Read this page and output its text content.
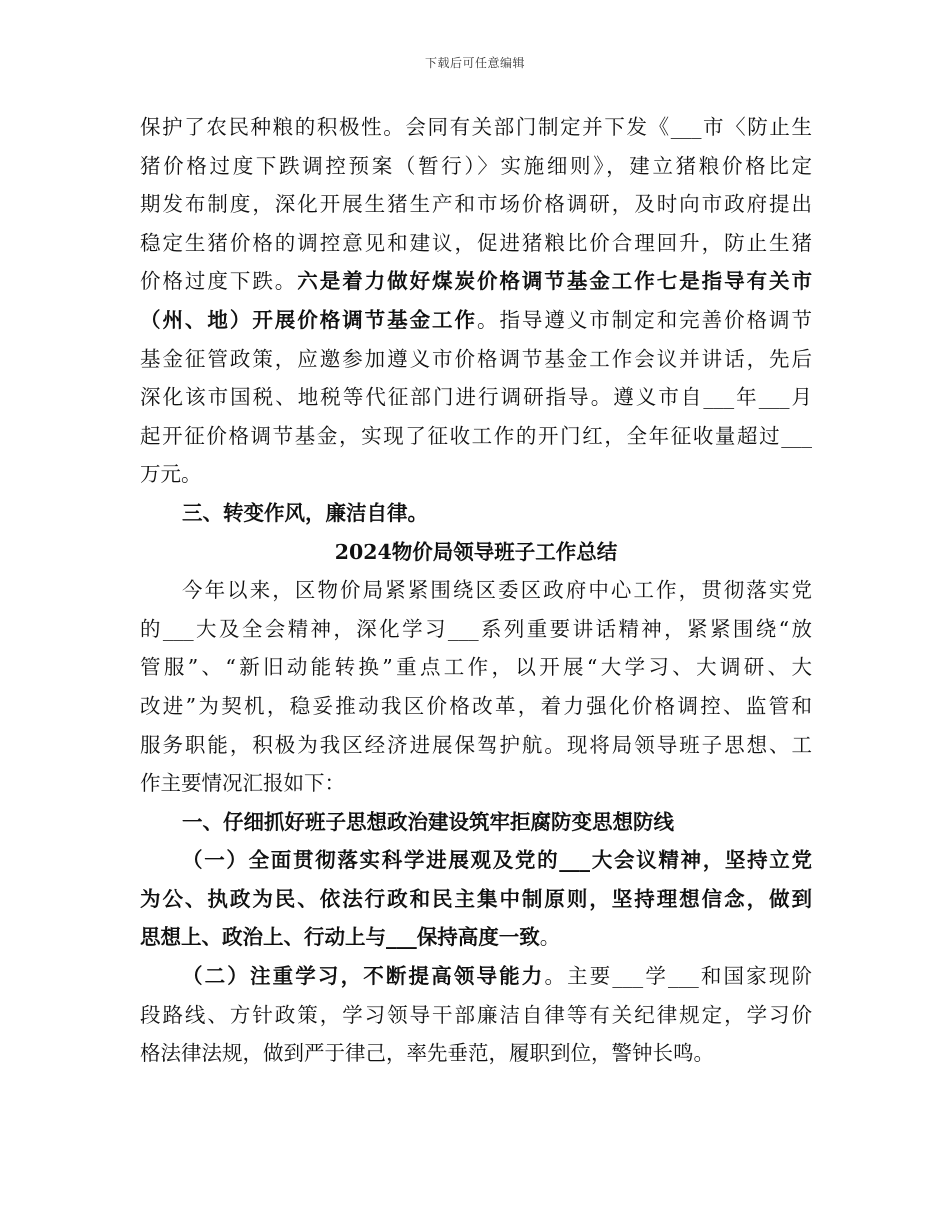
下载后可任意编辑
保护了农民种粮的积极性。会同有关部门制定并下发《___市〈防止生
猪价格过度下跌调控预案（暂行）〉实施细则》，建立猪粮价格比定
期发布制度，深化开展生猪生产和市场价格调研，及时向市政府提出
稳定生猪价格的调控意见和建议，促进猪粮比价合理回升，防止生猪
价格过度下跌。六是着力做好煤炭价格调节基金工作七是指导有关市
（州、地）开展价格调节基金工作。指导遵义市制定和完善价格调节
基金征管政策，应邀参加遵义市价格调节基金工作会议并讲话，先后
深化该市国税、地税等代征部门进行调研指导。遵义市自___年___月
起开征价格调节基金，实现了征收工作的开门红，全年征收量超过___
万元。
三、转变作风，廉洁自律。
2024物价局领导班子工作总结
今年以来，区物价局紧紧围绕区委区政府中心工作，贯彻落实党
的___大及全会精神，深化学习___系列重要讲话精神，紧紧围绕“放
管服”、“新旧动能转换”重点工作，以开展“大学习、大调研、大
改进”为契机，稳妥推动我区价格改革，着力强化价格调控、监管和
服务职能，积极为我区经济进展保驾护航。现将局领导班子思想、工
作主要情况汇报如下：
一、仔细抓好班子思想政治建设筑牢拒腐防变思想防线
（一）全面贯彻落实科学进展观及党的___大会议精神，坚持立党
为公、执政为民、依法行政和民主集中制原则，坚持理想信念，做到
思想上、政治上、行动上与___保持高度一致。
（二）注重学习，不断提高领导能力。主要___学___和国家现阶
段路线、方针政策，学习领导干部廉洁自律等有关纪律规定，学习价
格法律法规，做到严于律己，率先垂范，履职到位，警钟长鸣。
